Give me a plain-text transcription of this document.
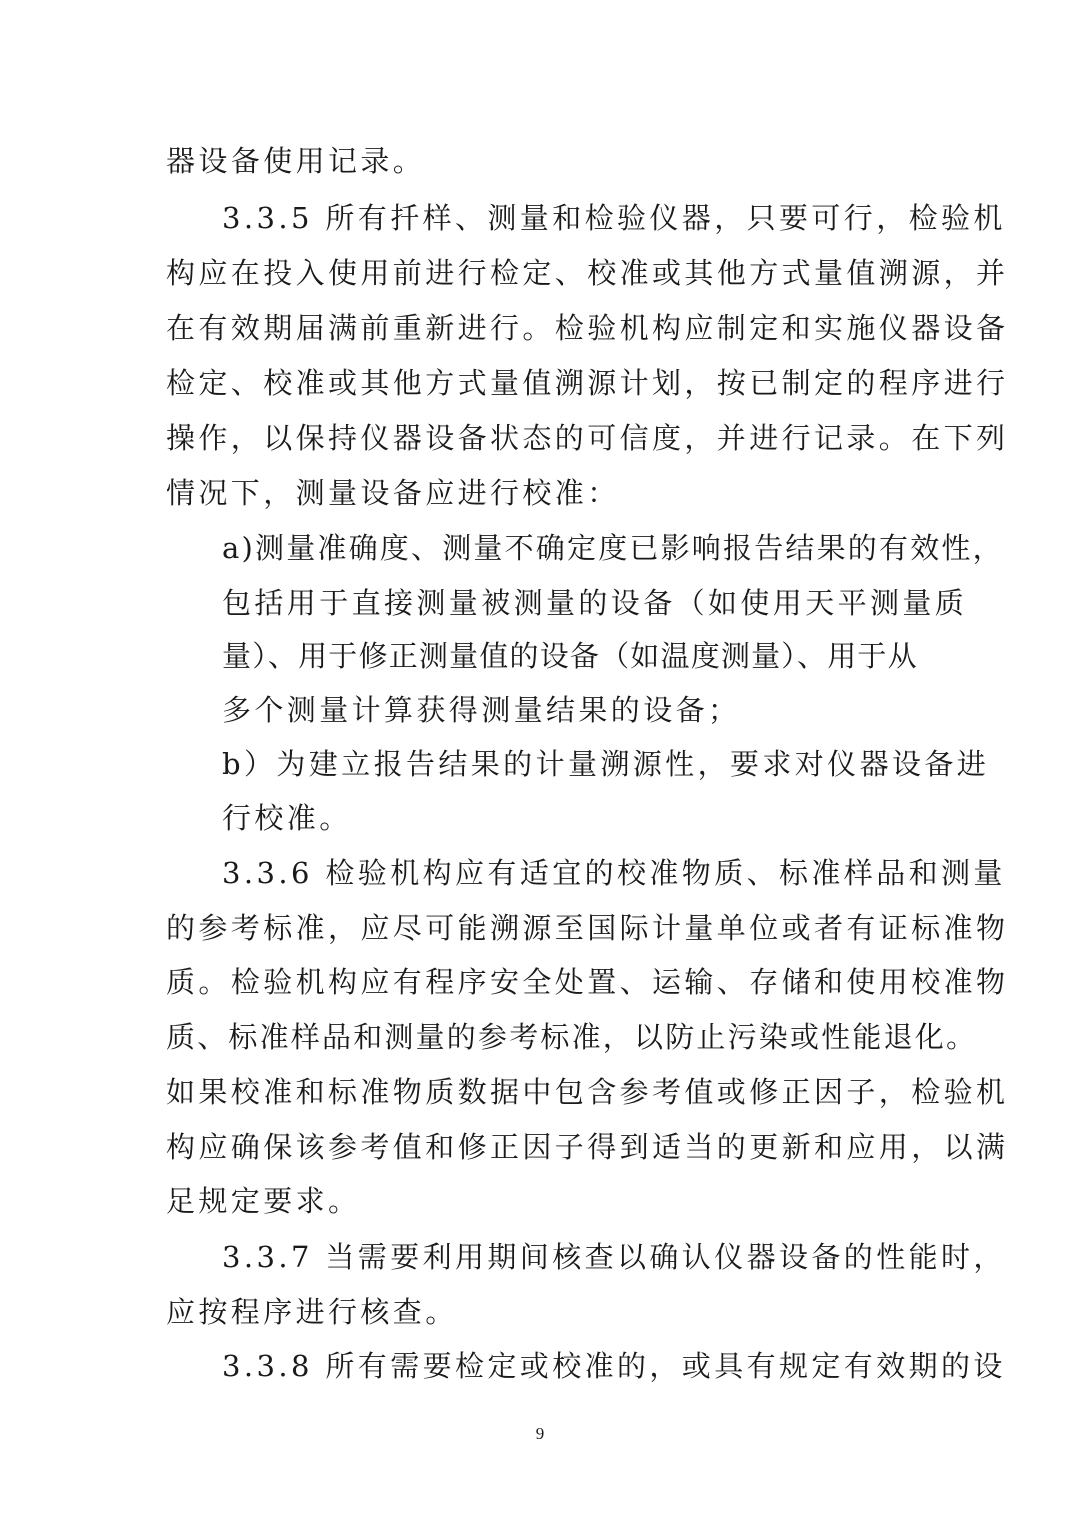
器设备使用记录。
3.3.5 所有扦样、测量和检验仪器，只要可行，检验机
构应在投入使用前进行检定、校准或其他方式量值溯源，并
在有效期届满前重新进行。检验机构应制定和实施仪器设备
检定、校准或其他方式量值溯源计划，按已制定的程序进行
操作，以保持仪器设备状态的可信度，并进行记录。在下列
情况下，测量设备应进行校准：
a)测量准确度、测量不确定度已影响报告结果的有效性，
包括用于直接测量被测量的设备（如使用天平测量质
量）、用于修正测量值的设备（如温度测量）、用于从
多个测量计算获得测量结果的设备；
b）为建立报告结果的计量溯源性，要求对仪器设备进
行校准。
3.3.6 检验机构应有适宜的校准物质、标准样品和测量
的参考标准，应尽可能溯源至国际计量单位或者有证标准物
质。检验机构应有程序安全处置、运输、存储和使用校准物
质、标准样品和测量的参考标准，以防止污染或性能退化。
如果校准和标准物质数据中包含参考值或修正因子，检验机
构应确保该参考值和修正因子得到适当的更新和应用，以满
足规定要求。
3.3.7 当需要利用期间核查以确认仪器设备的性能时，
应按程序进行核查。
3.3.8 所有需要检定或校准的，或具有规定有效期的设
9
